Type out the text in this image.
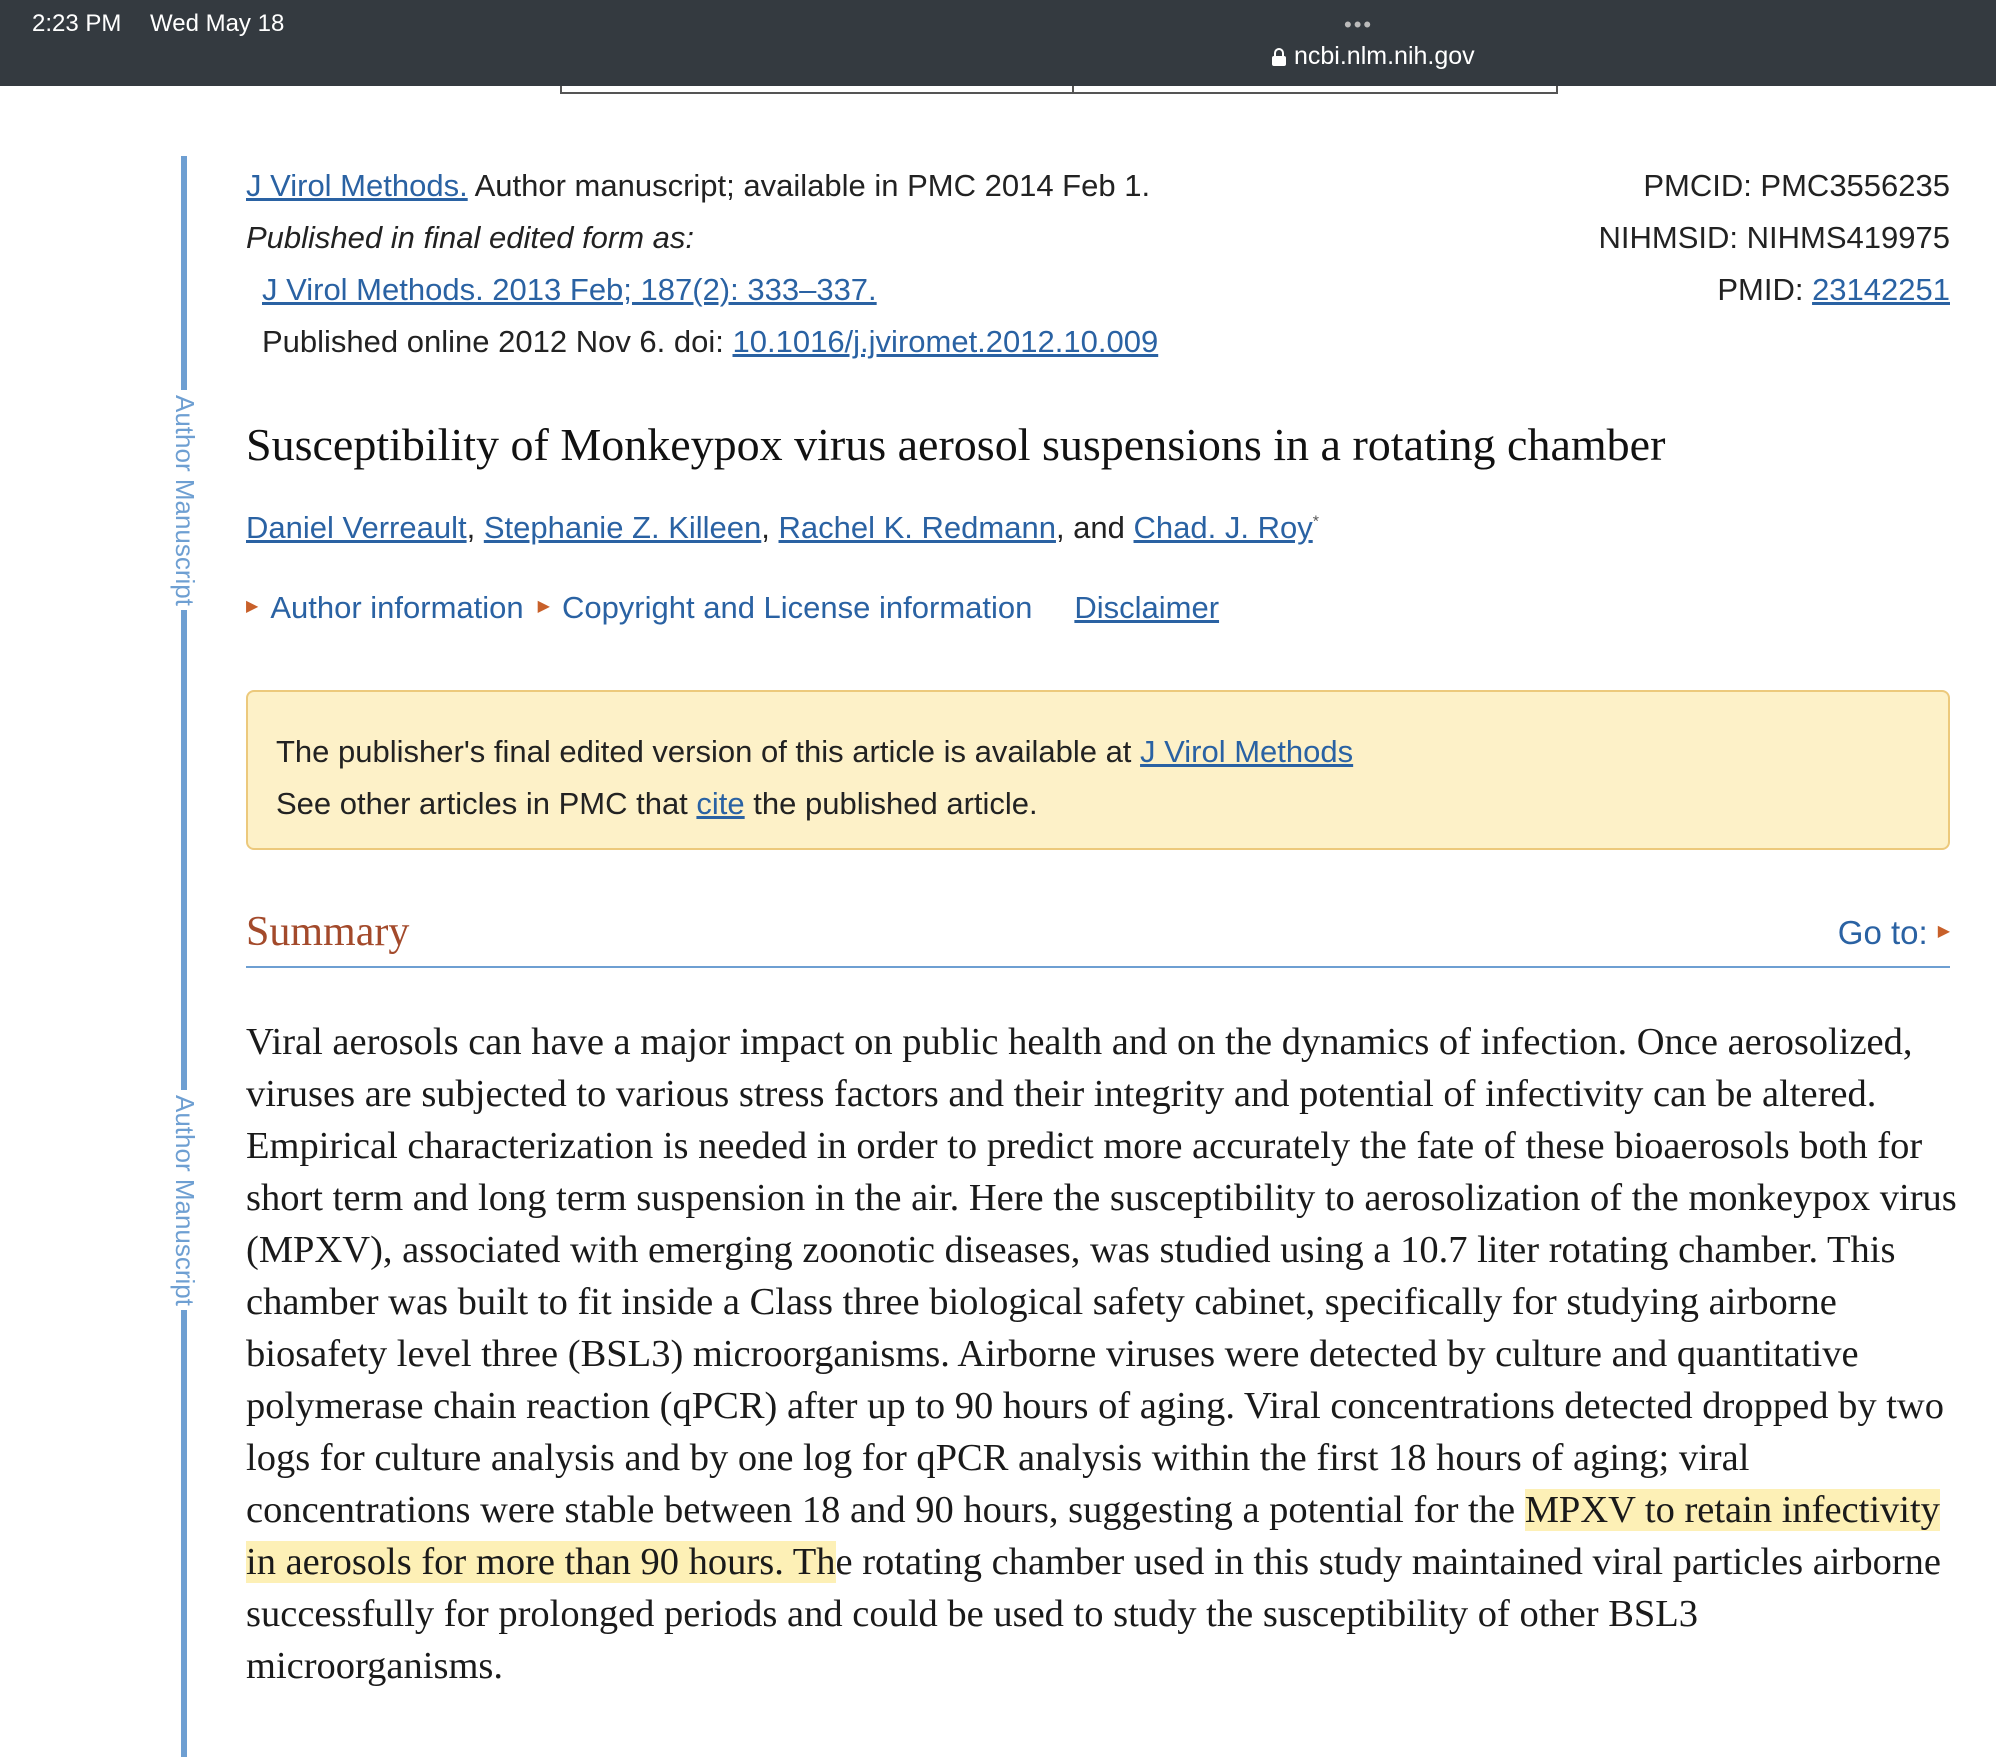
2:23 PM Wed May 18	•••
ncbi.nlm.nih.gov
Author Manuscript
Author Manuscript
J Virol Methods. Author manuscript; available in PMC 2014 Feb 1.
Published in final edited form as:
J Virol Methods. 2013 Feb; 187(2): 333–337.
Published online 2012 Nov 6. doi: 10.1016/j.jviromet.2012.10.009
PMCID: PMC3556235
NIHMSID: NIHMS419975
PMID: 23142251
Susceptibility of Monkeypox virus aerosol suspensions in a rotating chamber
Daniel Verreault, Stephanie Z. Killeen, Rachel K. Redmann, and Chad. J. Roy*
▶ Author information ▶ Copyright and License information Disclaimer
The publisher's final edited version of this article is available at J Virol Methods
See other articles in PMC that cite the published article.
Summary	Go to: ▶
Viral aerosols can have a major impact on public health and on the dynamics of infection. Once aerosolized, viruses are subjected to various stress factors and their integrity and potential of infectivity can be altered. Empirical characterization is needed in order to predict more accurately the fate of these bioaerosols both for short term and long term suspension in the air. Here the susceptibility to aerosolization of the monkeypox virus (MPXV), associated with emerging zoonotic diseases, was studied using a 10.7 liter rotating chamber. This chamber was built to fit inside a Class three biological safety cabinet, specifically for studying airborne biosafety level three (BSL3) microorganisms. Airborne viruses were detected by culture and quantitative polymerase chain reaction (qPCR) after up to 90 hours of aging. Viral concentrations detected dropped by two logs for culture analysis and by one log for qPCR analysis within the first 18 hours of aging; viral concentrations were stable between 18 and 90 hours, suggesting a potential for the MPXV to retain infectivity in aerosols for more than 90 hours. The rotating chamber used in this study maintained viral particles airborne successfully for prolonged periods and could be used to study the susceptibility of other BSL3 microorganisms.
